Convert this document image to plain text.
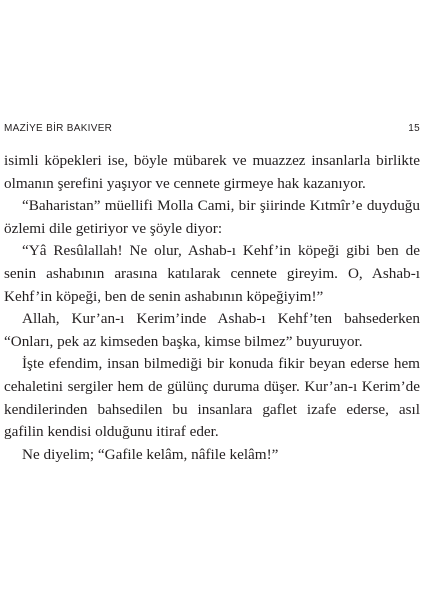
MAZİYE BİR BAKIVER	15

isimli köpekleri ise, böyle mübarek ve muazzez insanlarla birlikte olmanın şerefini yaşıyor ve cennete girmeye hak kazanıyor.

“Baharistan” müellifi Molla Cami, bir şiirinde Kıtmîr’e duyduğu özlemi dile getiriyor ve şöyle diyor:

“Yâ Resûlallah! Ne olur, Ashab-ı Kehf’in köpeği gibi ben de senin ashabının arasına katılarak cennete gireyim. O, Ashab-ı Kehf’in köpeği, ben de senin ashabının köpeğiyim!”

Allah, Kur’an-ı Kerim’inde Ashab-ı Kehf’ten bahsederken “Onları, pek az kimseden başka, kimse bilmez” buyuruyor.

İşte efendim, insan bilmediği bir konuda fikir beyan ederse hem cehaletini sergiler hem de gülünç duruma düşer. Kur’an-ı Kerim’de kendilerinden bahsedilen bu insanlara gaflet izafe ederse, asıl gafilin kendisi olduğunu itiraf eder.

Ne diyelim; “Gafile kelâm, nâfile kelâm!”
